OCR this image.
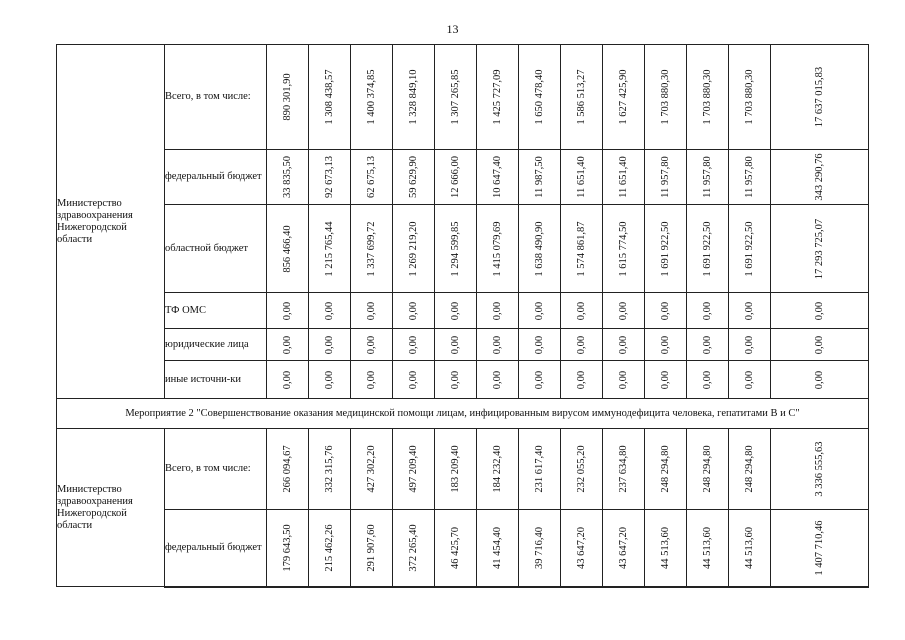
13
Министерство здравоохранения Нижегородской области	Всего, в том числе:	890 301,90	1 308 438,57	1 400 374,85	1 328 849,10	1 307 265,85	1 425 727,09	1 650 478,40	1 586 513,27	1 627 425,90	1 703 880,30	1 703 880,30	1 703 880,30	17 637 015,83

	федеральный бюджет	33 835,50	92 673,13	62 675,13	59 629,90	12 666,00	10 647,40	11 987,50	11 651,40	11 651,40	11 957,80	11 957,80	11 957,80	343 290,76

	областной бюджет	856 466,40	1 215 765,44	1 337 699,72	1 269 219,20	1 294 599,85	1 415 079,69	1 638 490,90	1 574 861,87	1 615 774,50	1 691 922,50	1 691 922,50	1 691 922,50	17 293 725,07

	ТФ ОМС	0,00	0,00	0,00	0,00	0,00	0,00	0,00	0,00	0,00	0,00	0,00	0,00	0,00

	юридические лица	0,00	0,00	0,00	0,00	0,00	0,00	0,00	0,00	0,00	0,00	0,00	0,00	0,00

	иные источни-ки	0,00	0,00	0,00	0,00	0,00	0,00	0,00	0,00	0,00	0,00	0,00	0,00	0,00

Мероприятие 2 "Совершенствование оказания медицинской помощи лицам, инфицированным вирусом иммунодефицита человека, гепатитами В и С"														
Министерство здравоохранения Нижегородской области	Всего, в том числе:	266 094,67	332 315,76	427 302,20	497 209,40	183 209,40	184 232,40	231 617,40	232 055,20	237 634,80	248 294,80	248 294,80	248 294,80	3 336 555,63

	федеральный бюджет	179 643,50	215 462,26	291 907,60	372 265,40	46 425,70	41 454,40	39 716,40	43 647,20	43 647,20	44 513,60	44 513,60	44 513,60	1 407 710,46
